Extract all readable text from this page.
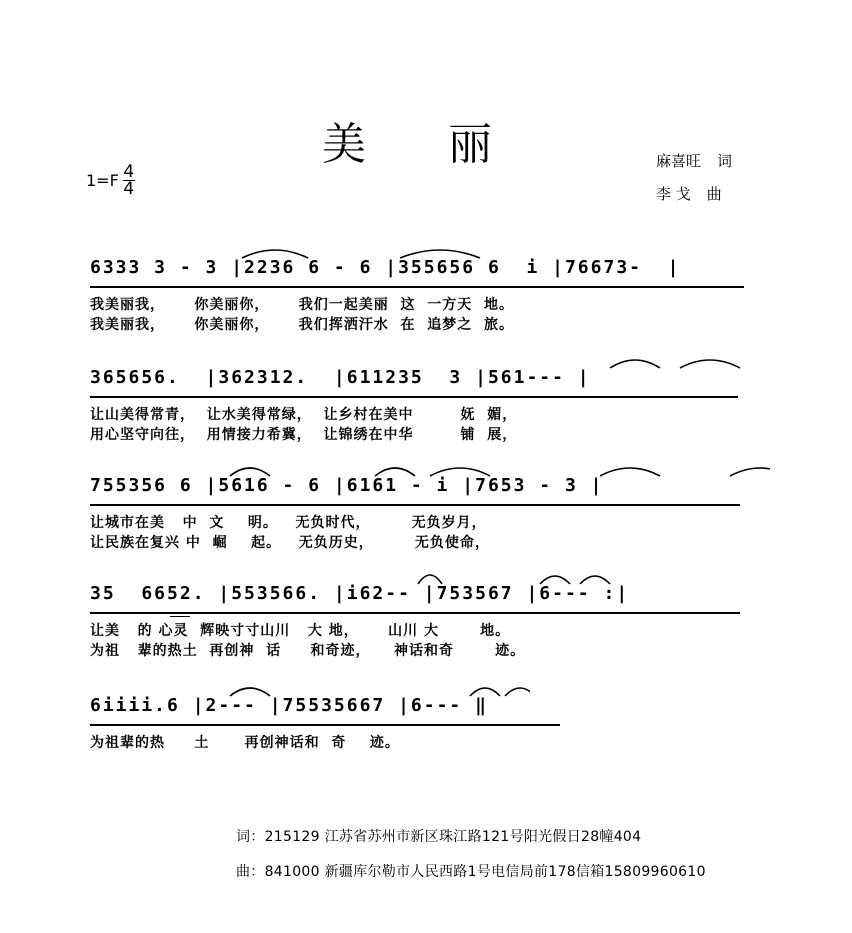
美 丽
1=F 4
4
麻喜旺 词
李 戈 曲
6333 3 - 3 |2236 6 - 6 |355656 6  i |76673-  |
我美丽我，     你美丽你，     我们一起美丽  这  一方天  地。
我美丽我，     你美丽你，     我们挥洒汗水  在  追梦之  旅。
365656.  |362312.  |611235  3 |561--- |
让山美得常青，  让水美得常绿，  让乡村在美中        妩  媚，
用心坚守向往，  用情接力希冀，  让锦绣在中华        铺  展，
755356 6 |5616 - 6 |6161 - i |7653 - 3 |
让城市在美   中  文    明。   无负时代，       无负岁月，
让民族在复兴 中  崛    起。   无负历史，       无负使命，
35  6652. |553566. |i62-- |753567 |6--- :|
让美   的 心灵  辉映寸寸山川   大 地，     山川 大       地。
为祖   辈的热土  再创神  话     和奇迹，    神话和奇       迹。
6iiii.6 |2--- |75535667 |6--- ‖
为祖辈的热     土      再创神话和  奇    迹。
词：215129 江苏省苏州市新区珠江路121号阳光假日28幢404
曲：841000 新疆库尔勒市人民西路1号电信局前178信箱15809960610
